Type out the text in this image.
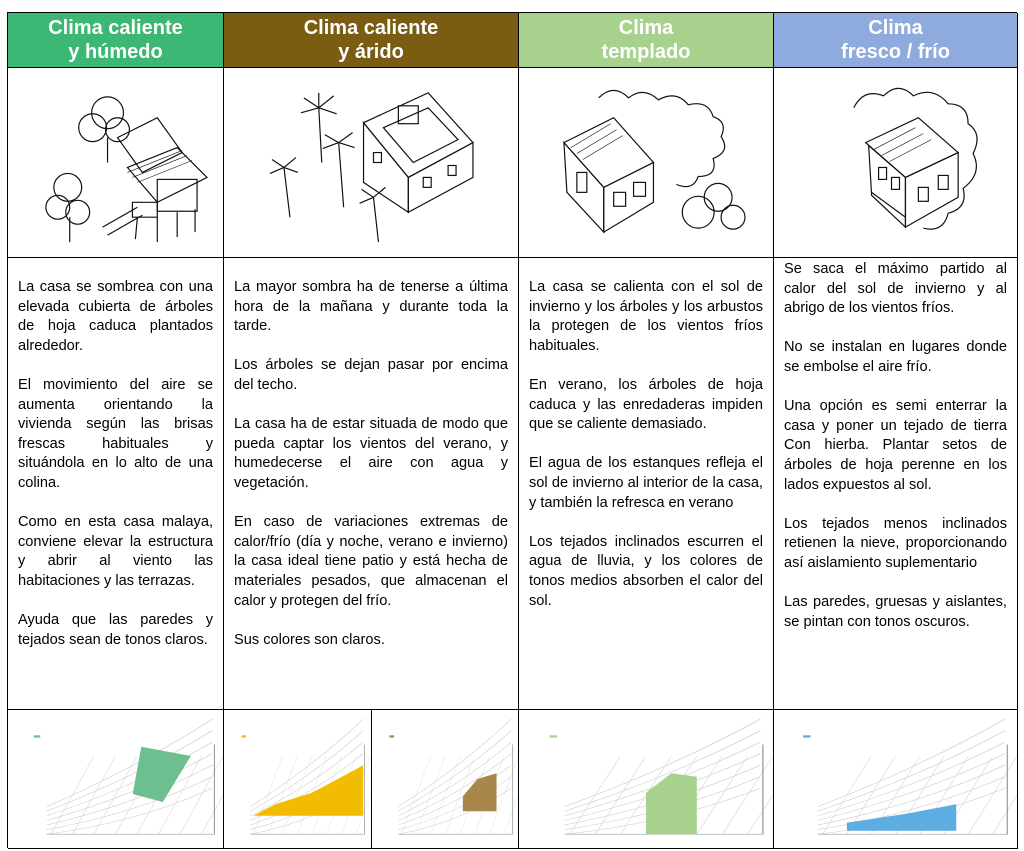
Clima caliente
y húmedo
Clima caliente
y árido
Clima
templado
Clima
fresco / frío

La casa se sombrea con una elevada cubierta de árboles de hoja caduca plantados alrededor.

El movimiento del aire se aumenta orientando la vivienda según las brisas frescas habituales y situándola en lo alto de una colina.

Como en esta casa malaya, conviene elevar la estructura y abrir al viento las habitaciones y las terrazas.

Ayuda que las paredes y tejados sean de tonos claros.

La mayor sombra ha de tenerse a última hora de la mañana y durante toda la tarde.

Los árboles se dejan pasar por encima del techo.

La casa ha de estar situada de modo que pueda captar los vientos del verano, y humedecerse el aire con agua y vegetación.

En caso de variaciones extremas de calor/frío (día y noche, verano e invierno) la casa ideal tiene patio y está hecha de materiales pesados, que almacenan el calor y protegen del frío.

Sus colores son claros.

La casa se calienta con el sol de invierno y los árboles y los arbustos la protegen de los vientos fríos habituales.

En verano, los árboles de hoja caduca y las enredaderas impiden que se caliente demasiado.

El agua de los estanques refleja el sol de invierno al interior de la casa, y también la refresca en verano

Los tejados inclinados escurren el agua de lluvia, y los colores de tonos medios absorben el calor del sol.

Se saca el máximo partido al calor del sol de invierno y al abrigo de los vientos fríos.

No se instalan en lugares donde se embolse el aire frío.

Una opción es semi enterrar la casa y poner un tejado de tierra Con hierba. Plantar setos de árboles de hoja perenne en los lados expuestos al sol.

Los tejados menos inclinados retienen la nieve, proporcionando así aislamiento suplementario

Las paredes, gruesas y aislantes, se pintan con tonos oscuros.
